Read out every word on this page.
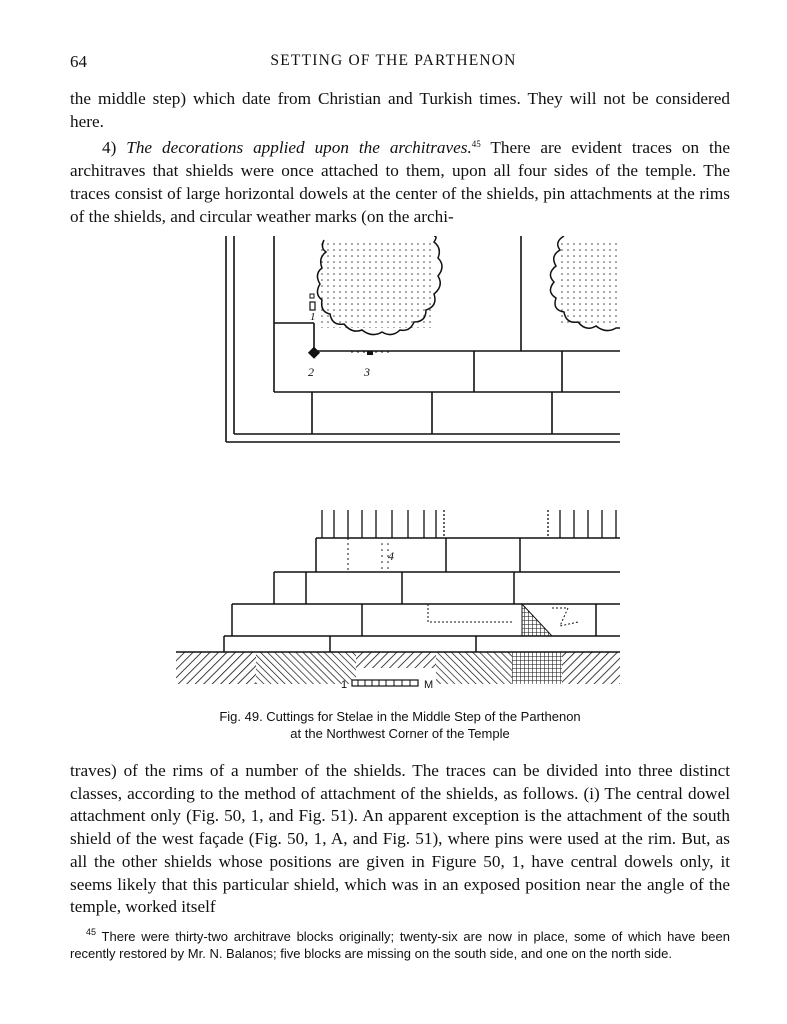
64	SETTING OF THE PARTHENON

the middle step) which date from Christian and Turkish times. They will not be considered here.

4) The decorations applied upon the architraves.$^{45}$ There are evident traces on the architraves that shields were once attached to them, upon all four sides of the temple. The traces consist of large horizontal dowels at the center of the shields, pin attachments at the rims of the shields, and circular weather marks (on the archi-

2	3
1
4
1	M
Fig. 49. Cuttings for Stelae in the Middle Step of the Parthenon
at the Northwest Corner of the Temple

traves) of the rims of a number of the shields. The traces can be divided into three distinct classes, according to the method of attachment of the shields, as follows. (i) The central dowel attachment only (Fig. 50, 1, and Fig. 51). An apparent exception is the attachment of the south shield of the west façade (Fig. 50, 1, A, and Fig. 51), where pins were used at the rim. But, as all the other shields whose positions are given in Figure 50, 1, have central dowels only, it seems likely that this particular shield, which was in an exposed position near the angle of the temple, worked itself

$^{45}$ There were thirty-two architrave blocks originally; twenty-six are now in place, some of which have been recently restored by Mr. N. Balanos; five blocks are missing on the south side, and one on the north side.
